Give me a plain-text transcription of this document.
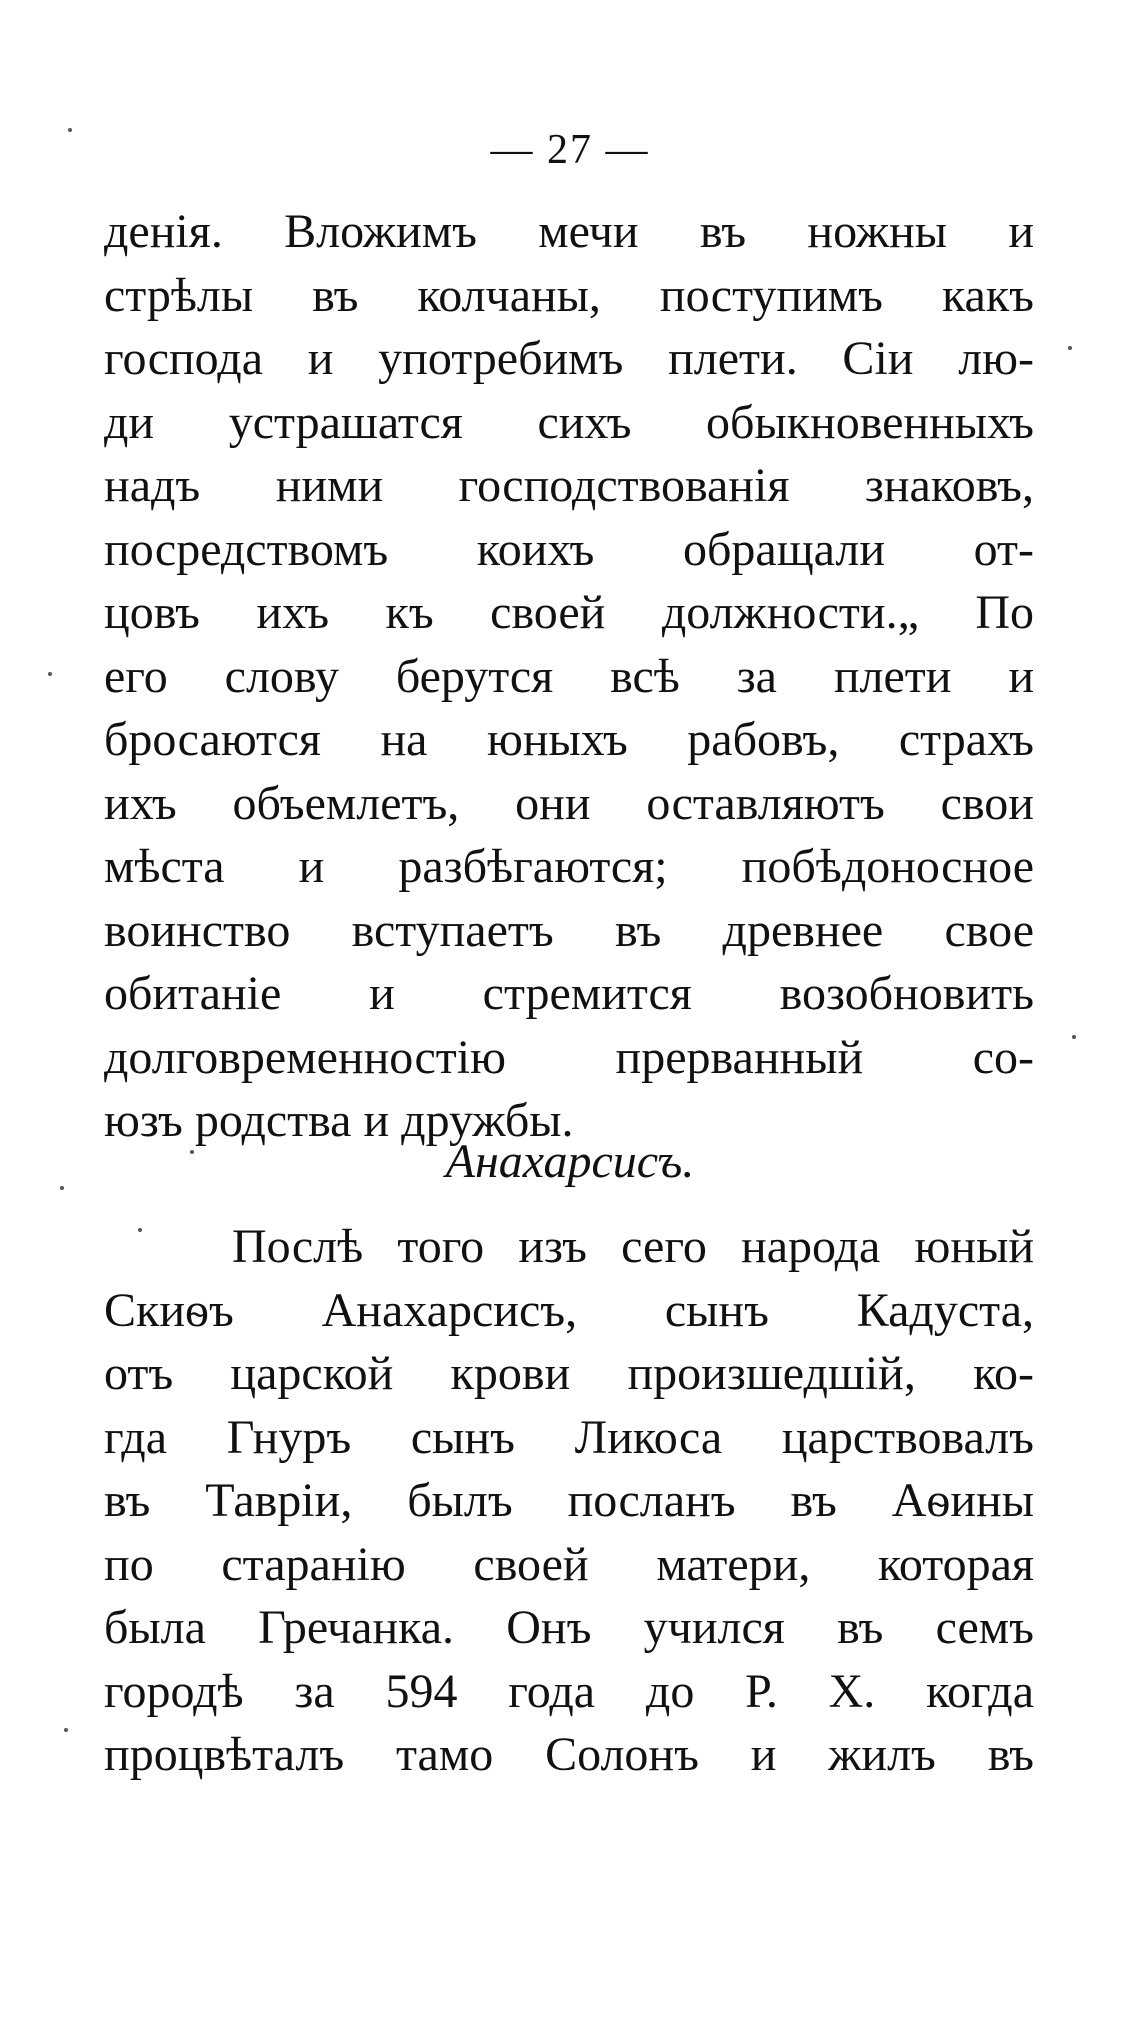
— 27 —
денiя. Вложимъ мечи въ ножны и
стрѣлы въ колчаны, поступимъ какъ
господа и употребимъ плети. Сiи лю-
ди устрашатся сихъ обыкновенныхъ
надъ ними господствованiя знаковъ,
посредствомъ коихъ обращали от-
цовъ ихъ къ своей должности.„ По
его слову берутся всѣ за плети и
бросаются на юныхъ рабовъ, страхъ
ихъ объемлетъ, они оставляютъ свои
мѣста и разбѣгаются; побѣдоносное
воинство вступаетъ въ древнее свое
обитанiе и стремится возобновить
долговременностiю прерванный со-
юзъ родства и дружбы.
Анахарсисъ.
Послѣ того изъ сего народа юный
Скиѳъ Анахарсисъ, сынъ Кадуста,
отъ царской крови произшедшiй, ко-
гда Гнуръ сынъ Ликоса царствовалъ
въ Таврiи, былъ посланъ въ Аѳины
по старанiю своей матери, которая
была Гречанка. Онъ учился въ семъ
городѣ за 594 года до Р. Х. когда
процвѣталъ тамо Солонъ и жилъ въ
